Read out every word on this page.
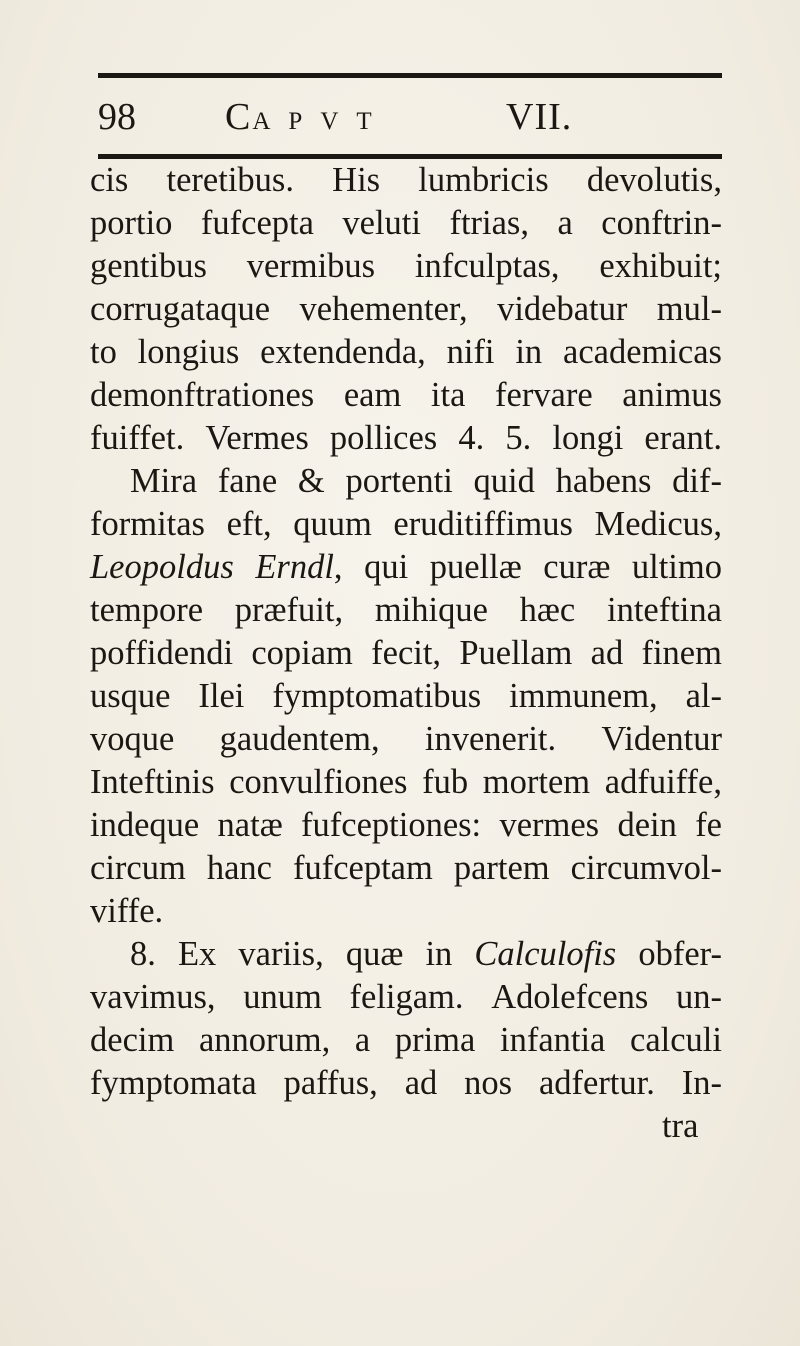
98 CAPVT	VII.
cis teretibus. His lumbricis devolutis,
portio fufcepta veluti ftrias, a conftrin-
gentibus vermibus infculptas, exhibuit;
corrugataque vehementer, videbatur mul-
to longius extendenda, nifi in academicas
demonftrationes eam ita fervare animus
fuiffet. Vermes pollices 4. 5. longi erant.
Mira fane & portenti quid habens dif-
formitas eft, quum eruditiffimus Medicus,
Leopoldus Erndl, qui puellæ curæ ultimo
tempore præfuit, mihique hæc inteftina
poffidendi copiam fecit, Puellam ad finem
usque Ilei fymptomatibus immunem, al-
voque gaudentem, invenerit. Videntur
Inteftinis convulfiones fub mortem adfuiffe,
indeque natæ fufceptiones: vermes dein fe
circum hanc fufceptam partem circumvol-
viffe.
8. Ex variis, quæ in Calculofis obfer-
vavimus, unum feligam. Adolefcens un-
decim annorum, a prima infantia calculi
fymptomata paffus, ad nos adfertur. In-
tra
